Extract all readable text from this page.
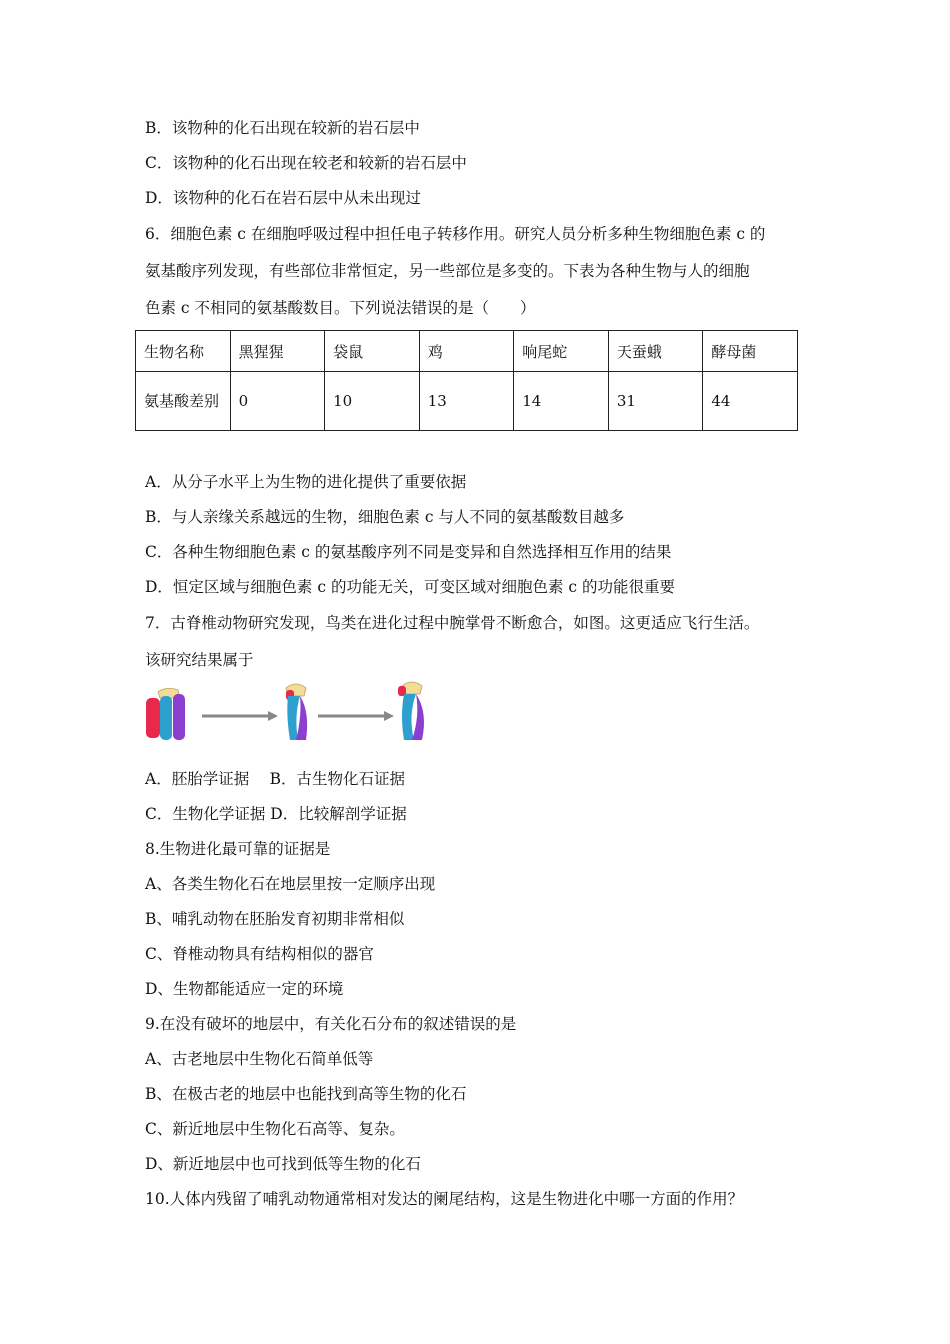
B．该物种的化石出现在较新的岩石层中
C．该物种的化石出现在较老和较新的岩石层中
D．该物种的化石在岩石层中从未出现过
6．细胞色素 c 在细胞呼吸过程中担任电子转移作用。研究人员分析多种生物细胞色素 c 的
氨基酸序列发现，有些部位非常恒定，另一些部位是多变的。下表为各种生物与人的细胞
色素 c 不相同的氨基酸数目。下列说法错误的是（　　）
生物名称	黑猩猩	袋鼠	鸡	响尾蛇	天蚕蛾	酵母菌
氨基酸差别	0	10	13	14	31	44
A．从分子水平上为生物的进化提供了重要依据
B．与人亲缘关系越远的生物，细胞色素 c 与人不同的氨基酸数目越多
C．各种生物细胞色素 c 的氨基酸序列不同是变异和自然选择相互作用的结果
D．恒定区域与细胞色素 c 的功能无关，可变区域对细胞色素 c 的功能很重要
7．古脊椎动物研究发现，鸟类在进化过程中腕掌骨不断愈合，如图。这更适应飞行生活。
该研究结果属于
A．胚胎学证据　 B．古生物化石证据
C．生物化学证据 D．比较解剖学证据
8.生物进化最可靠的证据是
A、各类生物化石在地层里按一定顺序出现
B、哺乳动物在胚胎发育初期非常相似
C、脊椎动物具有结构相似的器官
D、生物都能适应一定的环境
9.在没有破坏的地层中，有关化石分布的叙述错误的是
A、古老地层中生物化石简单低等
B、在极古老的地层中也能找到高等生物的化石
C、新近地层中生物化石高等、复杂。
D、新近地层中也可找到低等生物的化石
10.人体内残留了哺乳动物通常相对发达的阑尾结构，这是生物进化中哪一方面的作用？
